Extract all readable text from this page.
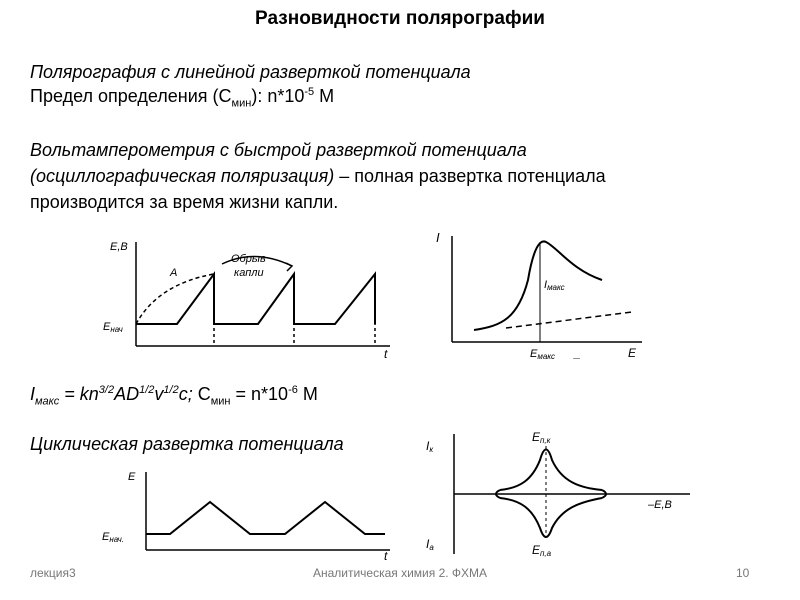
Разновидности полярографии
Полярография с линейной разверткой потенциала
Предел определения $(С_{мин})$: $n*10^{-5}$ М
Вольтамперометрия с быстрой разверткой потенциала
(осциллографическая поляризация) – полная развертка потенциала
производится за время жизни капли.
E,B
t
Eнач
A
Обрыв
капли
I
E
Iмакс
Eмакс _
$I_{макс} = kn^{3/2}AD^{1/2}v^{1/2}c$; $С_{мин} = n*10^{-6}$ М
Циклическая развертка потенциала
E
t
Eнач.
Iк
Iа
Eп,к
Eп,а
–E,B
лекция3	Аналитическая химия 2. ФХМА	10
